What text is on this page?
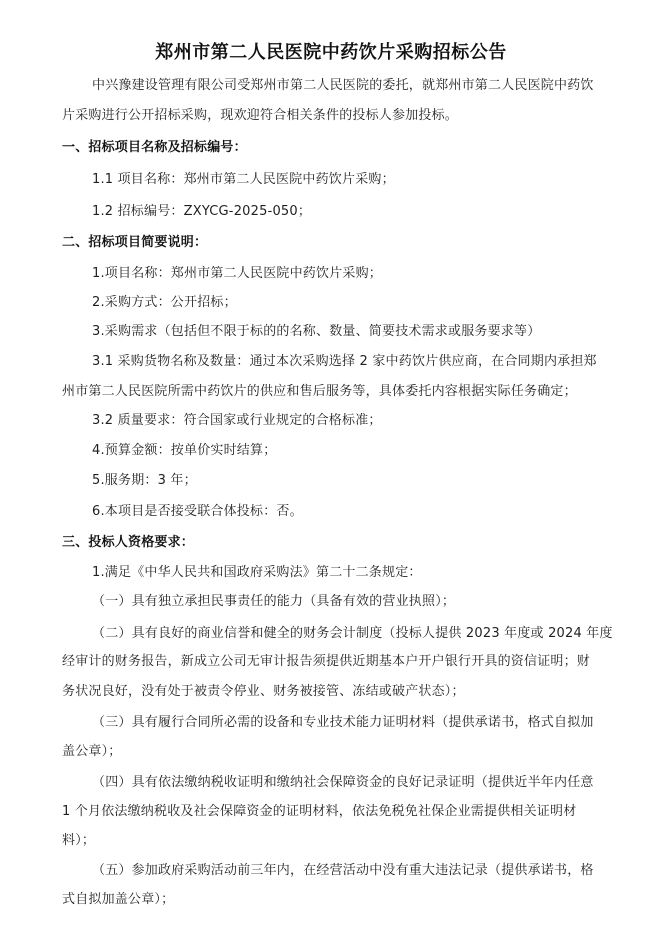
郑州市第二人民医院中药饮片采购招标公告
中兴豫建设管理有限公司受郑州市第二人民医院的委托，就郑州市第二人民医院中药饮
片采购进行公开招标采购，现欢迎符合相关条件的投标人参加投标。
一、招标项目名称及招标编号：
1.1 项目名称：郑州市第二人民医院中药饮片采购；
1.2 招标编号：ZXYCG-2025-050；
二、招标项目简要说明：
1.项目名称：郑州市第二人民医院中药饮片采购；
2.采购方式：公开招标；
3.采购需求（包括但不限于标的的名称、数量、简要技术需求或服务要求等）
3.1 采购货物名称及数量：通过本次采购选择 2 家中药饮片供应商，在合同期内承担郑
州市第二人民医院所需中药饮片的供应和售后服务等，具体委托内容根据实际任务确定；
3.2 质量要求：符合国家或行业规定的合格标准；
4.预算金额：按单价实时结算；
5.服务期：3 年；
6.本项目是否接受联合体投标：否。
三、投标人资格要求：
1.满足《中华人民共和国政府采购法》第二十二条规定：
（一）具有独立承担民事责任的能力（具备有效的营业执照）；
（二）具有良好的商业信誉和健全的财务会计制度（投标人提供 2023 年度或 2024 年度
经审计的财务报告，新成立公司无审计报告须提供近期基本户开户银行开具的资信证明；财
务状况良好，没有处于被责令停业、财务被接管、冻结或破产状态）；
（三）具有履行合同所必需的设备和专业技术能力证明材料（提供承诺书，格式自拟加
盖公章）；
（四）具有依法缴纳税收证明和缴纳社会保障资金的良好记录证明（提供近半年内任意
1 个月依法缴纳税收及社会保障资金的证明材料，依法免税免社保企业需提供相关证明材
料）；
（五）参加政府采购活动前三年内，在经营活动中没有重大违法记录（提供承诺书，格
式自拟加盖公章）；
